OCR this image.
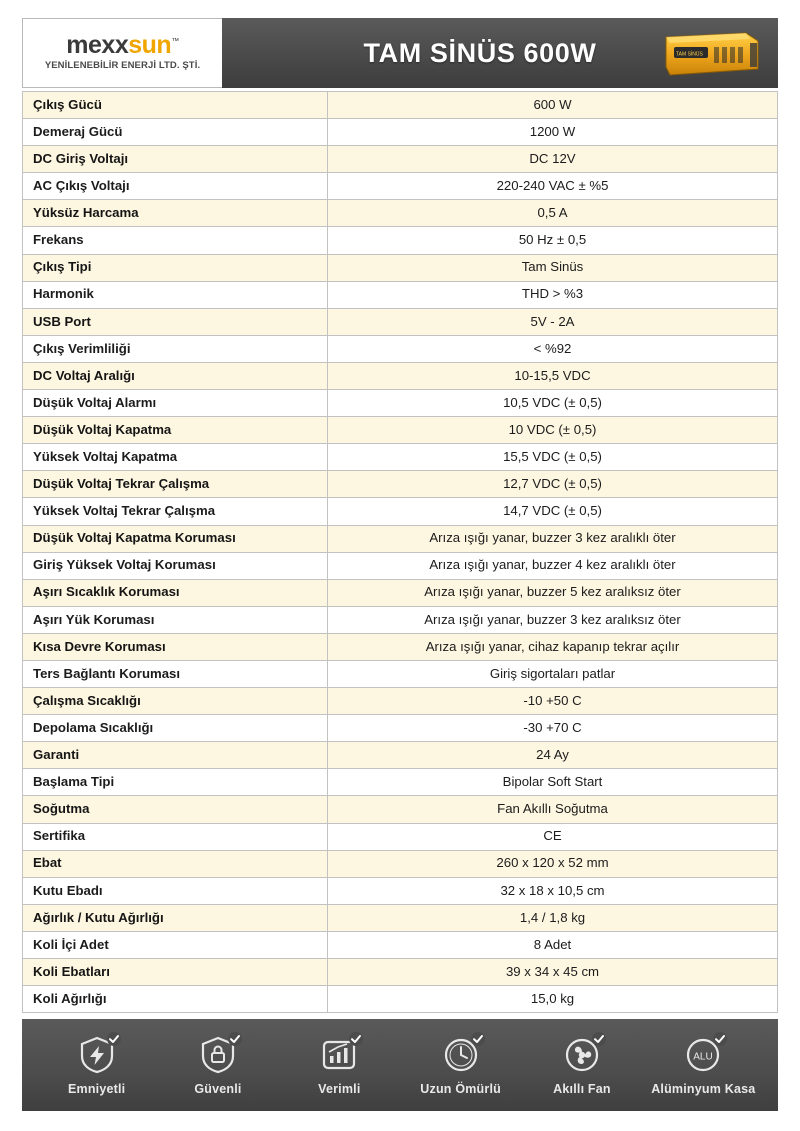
mexxsun™
YENİLENEBİLİR ENERJİ LTD. ŞTİ.	TAM SİNÜS 600W	TAM SİNÜS
Çıkış Gücü	600 W
Demeraj Gücü	1200 W
DC Giriş Voltajı	DC 12V
AC Çıkış Voltajı	220-240 VAC ± %5
Yüksüz Harcama	0,5 A
Frekans	50 Hz ± 0,5
Çıkış Tipi	Tam Sinüs
Harmonik	THD > %3
USB Port	5V - 2A
Çıkış Verimliliği	< %92
DC Voltaj Aralığı	10-15,5 VDC
Düşük Voltaj Alarmı	10,5 VDC (± 0,5)
Düşük Voltaj Kapatma	10 VDC (± 0,5)
Yüksek Voltaj Kapatma	15,5 VDC (± 0,5)
Düşük Voltaj Tekrar Çalışma	12,7 VDC (± 0,5)
Yüksek Voltaj Tekrar Çalışma	14,7 VDC (± 0,5)
Düşük Voltaj Kapatma Koruması	Arıza ışığı yanar, buzzer 3 kez aralıklı öter
Giriş Yüksek Voltaj Koruması	Arıza ışığı yanar, buzzer 4 kez aralıklı öter
Aşırı Sıcaklık Koruması	Arıza ışığı yanar, buzzer 5 kez aralıksız öter
Aşırı Yük Koruması	Arıza ışığı yanar, buzzer 3 kez aralıksız öter
Kısa Devre Koruması	Arıza ışığı yanar, cihaz kapanıp tekrar açılır
Ters Bağlantı Koruması	Giriş sigortaları patlar
Çalışma Sıcaklığı	-10 +50 C
Depolama Sıcaklığı	-30 +70 C
Garanti	24 Ay
Başlama Tipi	Bipolar Soft Start
Soğutma	Fan Akıllı Soğutma
Sertifika	CE
Ebat	260 x 120 x 52 mm
Kutu Ebadı	32 x 18 x 10,5 cm
Ağırlık / Kutu Ağırlığı	1,4 / 1,8 kg
Koli İçi Adet	8 Adet
Koli Ebatları	39 x 34 x 45 cm
Koli Ağırlığı	15,0 kg
Emniyetli	Güvenli	Verimli	Uzun Ömürlü	Akıllı Fan
ALU
Alüminyum Kasa
